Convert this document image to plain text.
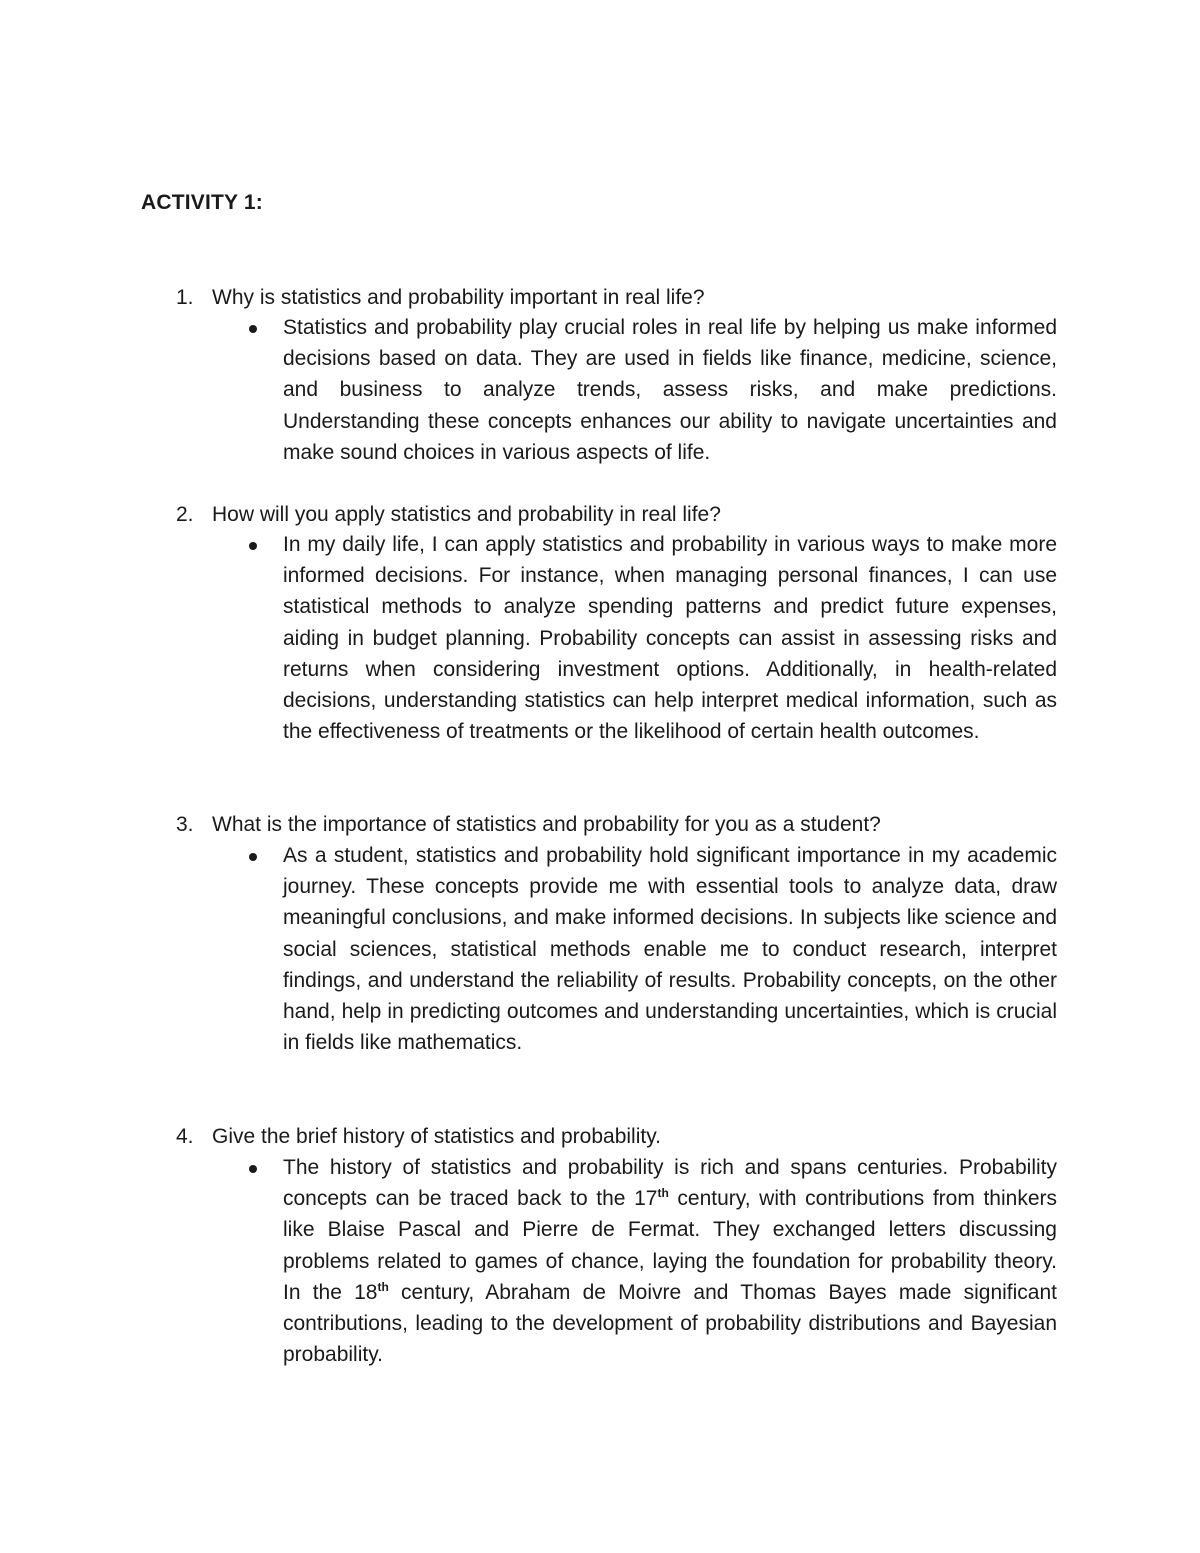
ACTIVITY 1:
1. Why is statistics and probability important in real life?
Statistics and probability play crucial roles in real life by helping us make informed decisions based on data. They are used in fields like finance, medicine, science, and business to analyze trends, assess risks, and make predictions. Understanding these concepts enhances our ability to navigate uncertainties and make sound choices in various aspects of life.
2. How will you apply statistics and probability in real life?
In my daily life, I can apply statistics and probability in various ways to make more informed decisions. For instance, when managing personal finances, I can use statistical methods to analyze spending patterns and predict future expenses, aiding in budget planning. Probability concepts can assist in assessing risks and returns when considering investment options. Additionally, in health-related decisions, understanding statistics can help interpret medical information, such as the effectiveness of treatments or the likelihood of certain health outcomes.
3. What is the importance of statistics and probability for you as a student?
As a student, statistics and probability hold significant importance in my academic journey. These concepts provide me with essential tools to analyze data, draw meaningful conclusions, and make informed decisions. In subjects like science and social sciences, statistical methods enable me to conduct research, interpret findings, and understand the reliability of results. Probability concepts, on the other hand, help in predicting outcomes and understanding uncertainties, which is crucial in fields like mathematics.
4. Give the brief history of statistics and probability.
The history of statistics and probability is rich and spans centuries. Probability concepts can be traced back to the 17th century, with contributions from thinkers like Blaise Pascal and Pierre de Fermat. They exchanged letters discussing problems related to games of chance, laying the foundation for probability theory. In the 18th century, Abraham de Moivre and Thomas Bayes made significant contributions, leading to the development of probability distributions and Bayesian probability.
